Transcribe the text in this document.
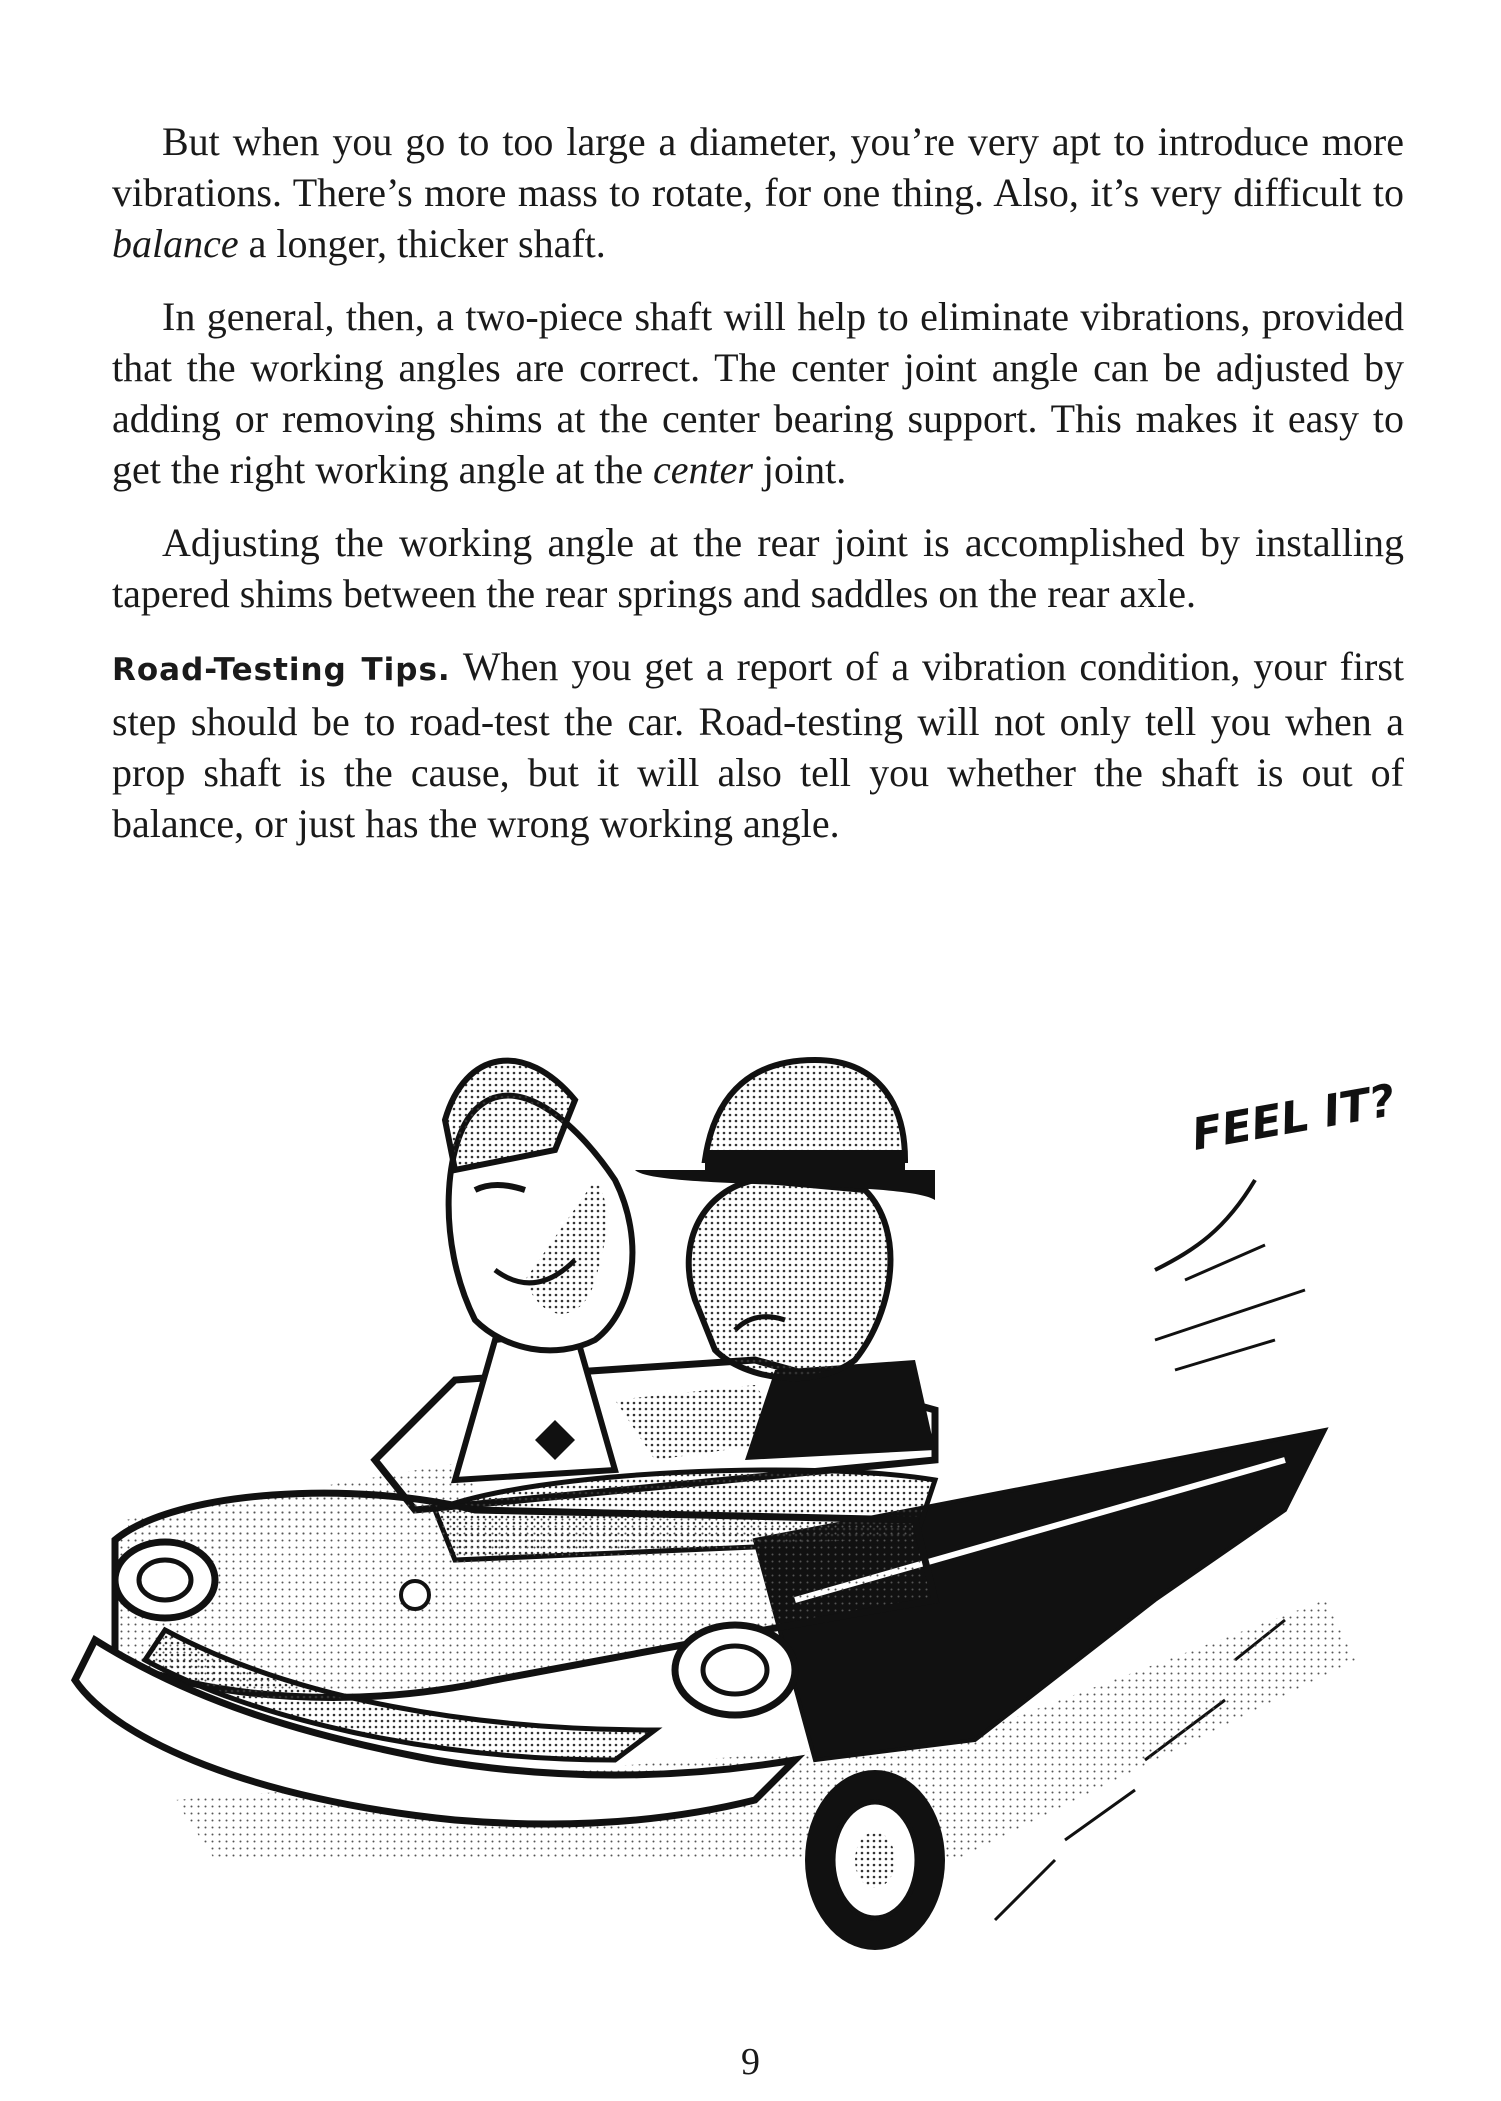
But when you go to too large a diameter, you’re very apt to introduce more vibrations. There’s more mass to rotate, for one thing. Also, it’s very difficult to balance a longer, thicker shaft.

In general, then, a two-piece shaft will help to eliminate vibrations, provided that the working angles are correct. The center joint angle can be adjusted by adding or removing shims at the center bearing support. This makes it easy to get the right working angle at the center joint.

Adjusting the working angle at the rear joint is accomplished by installing tapered shims between the rear springs and saddles on the rear axle.

Road-Testing Tips. When you get a report of a vibration condition, your first step should be to road-test the car. Road-testing will not only tell you when a prop shaft is the cause, but it will also tell you whether the shaft is out of balance, or just has the wrong working angle.

FEEL IT?
9
